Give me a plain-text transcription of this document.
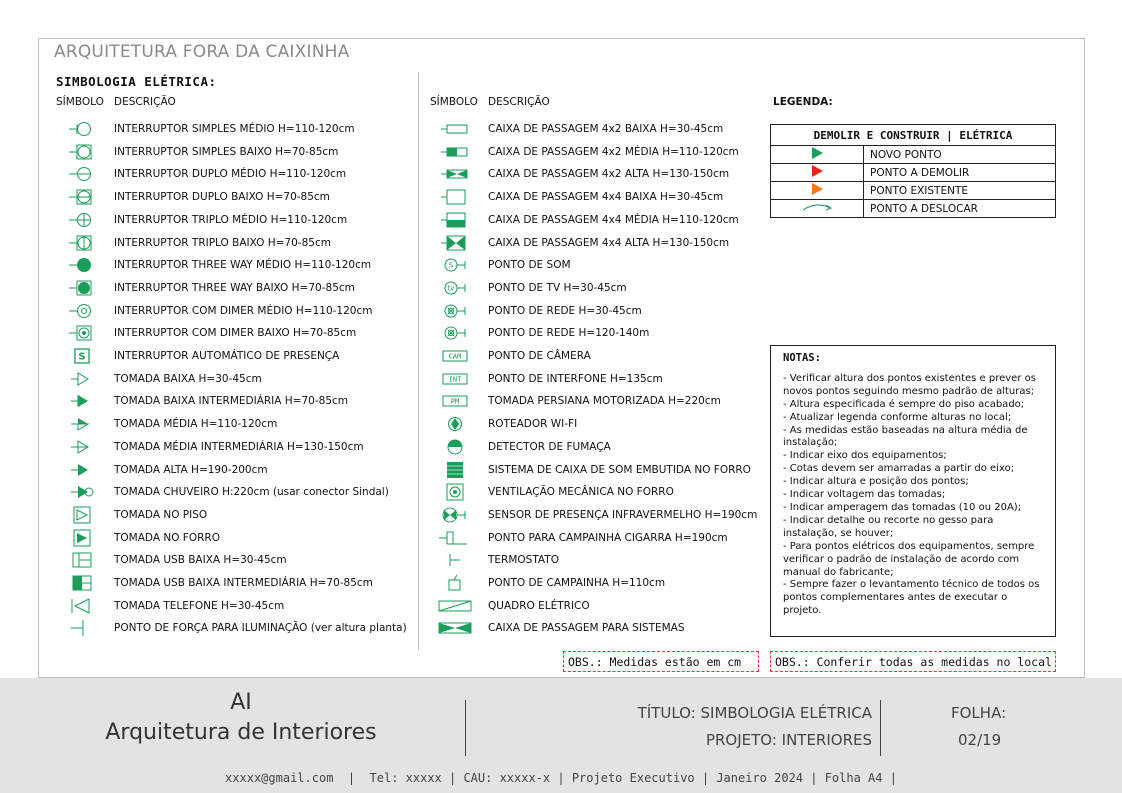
ARQUITETURA FORA DA CAIXINHA
SIMBOLOGIA ELÉTRICA:
SÍMBOLO DESCRIÇÃO	SÍMBOLO DESCRIÇÃO
INTERRUPTOR SIMPLES MÉDIO H=110-120cm
INTERRUPTOR SIMPLES BAIXO H=70-85cm
INTERRUPTOR DUPLO MÉDIO H=110-120cm
INTERRUPTOR DUPLO BAIXO H=70-85cm
INTERRUPTOR TRIPLO MÉDIO H=110-120cm
INTERRUPTOR TRIPLO BAIXO H=70-85cm
INTERRUPTOR THREE WAY MÉDIO H=110-120cm
INTERRUPTOR THREE WAY BAIXO H=70-85cm
INTERRUPTOR COM DIMER MÉDIO H=110-120cm
INTERRUPTOR COM DIMER BAIXO H=70-85cm
S	INTERRUPTOR AUTOMÁTICO DE PRESENÇA
TOMADA BAIXA H=30-45cm
TOMADA BAIXA INTERMEDIÁRIA H=70-85cm
TOMADA MÉDIA H=110-120cm
TOMADA MÉDIA INTERMEDIÁRIA H=130-150cm
TOMADA ALTA H=190-200cm
TOMADA CHUVEIRO H:220cm (usar conector Sindal)
TOMADA NO PISO
TOMADA NO FORRO
TOMADA USB BAIXA H=30-45cm
TOMADA USB BAIXA INTERMEDIÁRIA H=70-85cm
TOMADA TELEFONE H=30-45cm
PONTO DE FORÇA PARA ILUMINAÇÃO (ver altura planta)
CAIXA DE PASSAGEM 4x2 BAIXA H=30-45cm
CAIXA DE PASSAGEM 4x2 MÉDIA H=110-120cm
CAIXA DE PASSAGEM 4x2 ALTA H=130-150cm
CAIXA DE PASSAGEM 4x4 BAIXA H=30-45cm
CAIXA DE PASSAGEM 4x4 MÉDIA H=110-120cm
CAIXA DE PASSAGEM 4x4 ALTA H=130-150cm
S	PONTO DE SOM
tv	PONTO DE TV H=30-45cm
PONTO DE REDE H=30-45cm
PONTO DE REDE H=120-140m
CAM	PONTO DE CÂMERA
INT	PONTO DE INTERFONE H=135cm
PM	TOMADA PERSIANA MOTORIZADA H=220cm
ROTEADOR WI-FI
DETECTOR DE FUMAÇA
SISTEMA DE CAIXA DE SOM EMBUTIDA NO FORRO
VENTILAÇÃO MECÂNICA NO FORRO
SENSOR DE PRESENÇA INFRAVERMELHO H=190cm
PONTO PARA CAMPAINHA CIGARRA H=190cm
TERMOSTATO
PONTO DE CAMPAINHA H=110cm
QUADRO ELÉTRICO
CAIXA DE PASSAGEM PARA SISTEMAS
LEGENDA:
DEMOLIR E CONSTRUIR | ELÉTRICA	
	NOVO PONTO
	PONTO A DEMOLIR
	PONTO EXISTENTE
	PONTO A DESLOCAR
NOTAS:
- Verificar altura dos pontos existentes e prever os novos pontos seguindo mesmo padrão de alturas;
- Altura especificada é sempre do piso acabado;
- Atualizar legenda conforme alturas no local;
- As medidas estão baseadas na altura média de instalação;
- Indicar eixo dos equipamentos;
- Cotas devem ser amarradas a partir do eixo;
- Indicar altura e posição dos pontos;
- Indicar voltagem das tomadas;
- Indicar amperagem das tomadas (10 ou 20A);
- Indicar detalhe ou recorte no gesso para instalação, se houver;
- Para pontos elétricos dos equipamentos, sempre verificar o padrão de instalação de acordo com manual do fabricante;
- Sempre fazer o levantamento técnico de todos os pontos complementares antes de executar o projeto.
OBS.: Medidas estão em cm	OBS.: Conferir todas as medidas no local
AI
Arquitetura de Interiores
TÍTULO: SIMBOLOGIA ELÉTRICA
PROJETO: INTERIORES
FOLHA:
02/19
xxxxx@gmail.com  |  Tel: xxxxx | CAU: xxxxx-x | Projeto Executivo | Janeiro 2024 | Folha A4 |
